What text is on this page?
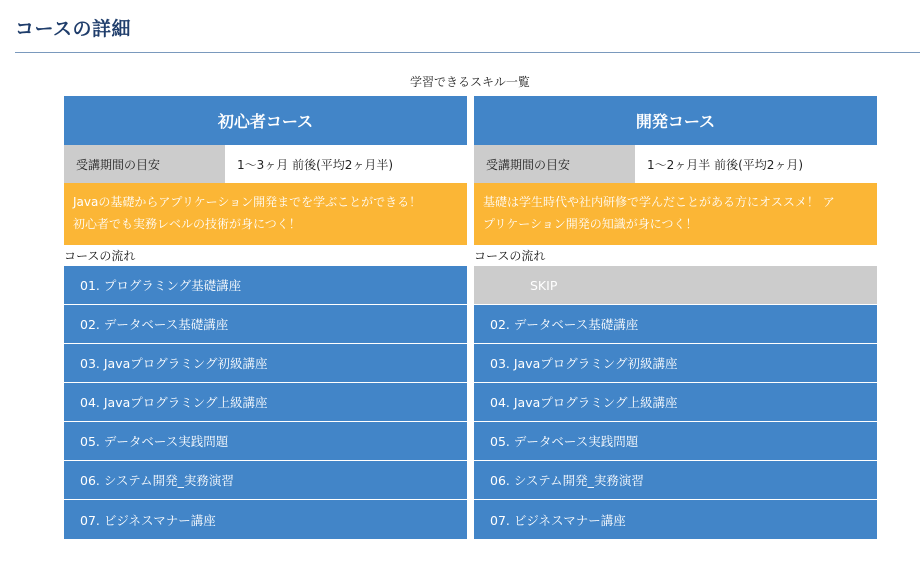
コースの詳細
学習できるスキル一覧
初心者コース
受講期間の目安	1〜3ヶ月 前後(平均2ヶ月半)
Javaの基礎からアプリケーション開発までを学ぶことができる！
初心者でも実務レベルの技術が身につく！
コースの流れ
01. プログラミング基礎講座
02. データベース基礎講座
03. Javaプログラミング初級講座
04. Javaプログラミング上級講座
05. データベース実践問題
06. システム開発_実務演習
07. ビジネスマナー講座
開発コース
受講期間の目安	1〜2ヶ月半 前後(平均2ヶ月)
基礎は学生時代や社内研修で学んだことがある方にオススメ！ ア
プリケーション開発の知識が身につく！
コースの流れ
SKIP
02. データベース基礎講座
03. Javaプログラミング初級講座
04. Javaプログラミング上級講座
05. データベース実践問題
06. システム開発_実務演習
07. ビジネスマナー講座
